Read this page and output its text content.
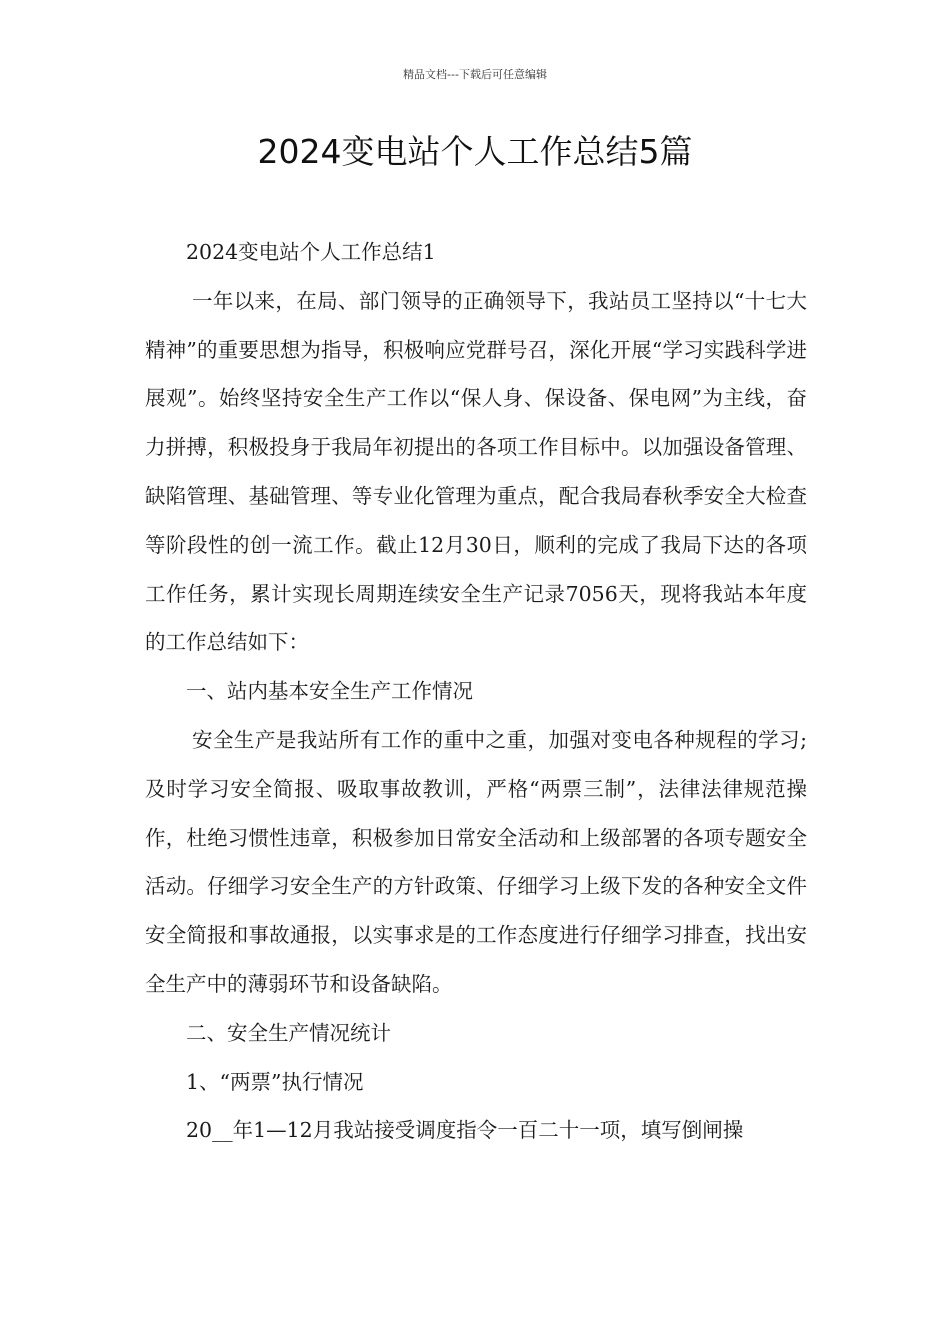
精品文档---下载后可任意编辑
2024变电站个人工作总结5篇

2024变电站个人工作总结1

一年以来，在局、部门领导的正确领导下，我站员工坚持以“十七大精神”的重要思想为指导，积极响应党群号召，深化开展“学习实践科学进展观”。始终坚持安全生产工作以“保人身、保设备、保电网”为主线，奋力拼搏，积极投身于我局年初提出的各项工作目标中。以加强设备管理、缺陷管理、基础管理、等专业化管理为重点，配合我局春秋季安全大检查等阶段性的创一流工作。截止12月30日，顺利的完成了我局下达的各项工作任务，累计实现长周期连续安全生产记录7056天，现将我站本年度的工作总结如下：

一、站内基本安全生产工作情况

安全生产是我站所有工作的重中之重，加强对变电各种规程的学习;及时学习安全简报、吸取事故教训，严格“两票三制”，法律法律规范操作，杜绝习惯性违章，积极参加日常安全活动和上级部署的各项专题安全活动。仔细学习安全生产的方针政策、仔细学习上级下发的各种安全文件安全简报和事故通报，以实事求是的工作态度进行仔细学习排查，找出安全生产中的薄弱环节和设备缺陷。

二、安全生产情况统计

1、“两票”执行情况

20__年1—12月我站接受调度指令一百二十一项，填写倒闸操
